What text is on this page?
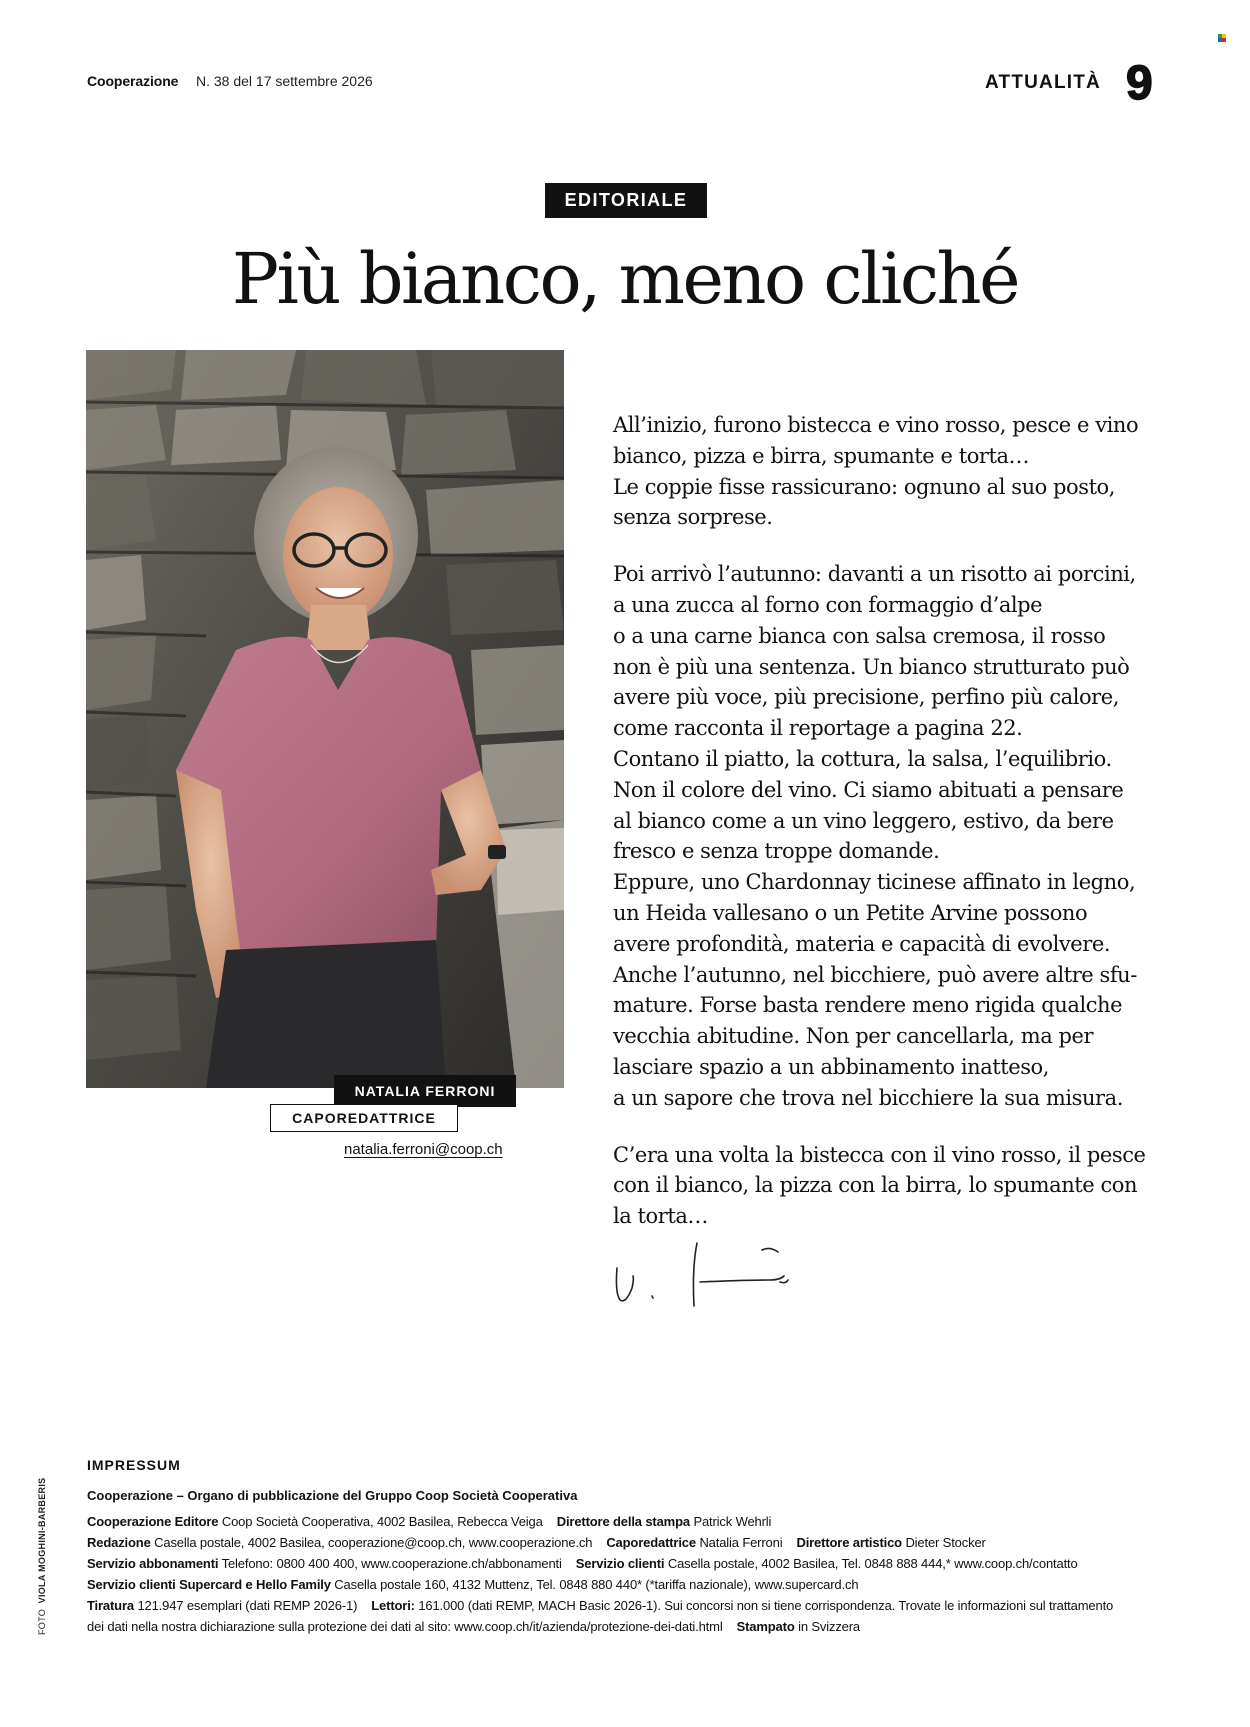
Cooperazione N. 38 del 17 settembre 2026	ATTUALITÀ 9
EDITORIALE
Più bianco, meno cliché
NATALIA FERRONI
CAPOREDATTRICE
natalia.ferroni@coop.ch

All’inizio, furono bistecca e vino rosso, pesce e vino
bianco, pizza e birra, spumante e torta…
Le coppie fisse rassicurano: ognuno al suo posto,
senza sorprese.

Poi arrivò l’autunno: davanti a un risotto ai porcini,
a una zucca al forno con formaggio d’alpe
o a una carne bianca con salsa cremosa, il rosso
non è più una sentenza. Un bianco strutturato può
avere più voce, più precisione, perfino più calore,
come racconta il reportage a pagina 22.
Contano il piatto, la cottura, la salsa, l’equilibrio.
Non il colore del vino. Ci siamo abituati a pensare
al bianco come a un vino leggero, estivo, da bere
fresco e senza troppe domande.
Eppure, uno Chardonnay ticinese affinato in legno,
un Heida vallesano o un Petite Arvine possono
avere profondità, materia e capacità di evolvere.
Anche l’autunno, nel bicchiere, può avere altre sfu-
mature. Forse basta rendere meno rigida qualche
vecchia abitudine. Non per cancellarla, ma per
lasciare spazio a un abbinamento inatteso,
a un sapore che trova nel bicchiere la sua misura.

C’era una volta la bistecca con il vino rosso, il pesce
con il bianco, la pizza con la birra, lo spumante con
la torta…

FOTO  VIOLA MOGHINI-BARBERIS
IMPRESSUM
Cooperazione – Organo di pubblicazione del Gruppo Coop Società Cooperativa
Cooperazione Editore Coop Società Cooperativa, 4002 Basilea, Rebecca Veiga Direttore della stampa Patrick Wehrli
Redazione Casella postale, 4002 Basilea, cooperazione@coop.ch, www.cooperazione.ch Caporedattrice Natalia Ferroni Direttore artistico Dieter Stocker
Servizio abbonamenti Telefono: 0800 400 400, www.cooperazione.ch/abbonamenti Servizio clienti Casella postale, 4002 Basilea, Tel. 0848 888 444,* www.coop.ch/contatto
Servizio clienti Supercard e Hello Family Casella postale 160, 4132 Muttenz, Tel. 0848 880 440* (*tariffa nazionale), www.supercard.ch
Tiratura 121.947 esemplari (dati REMP 2026-1) Lettori: 161.000 (dati REMP, MACH Basic 2026-1). Sui concorsi non si tiene corrispondenza. Trovate le informazioni sul trattamento
dei dati nella nostra dichiarazione sulla protezione dei dati al sito: www.coop.ch/it/azienda/protezione-dei-dati.html Stampato in Svizzera
